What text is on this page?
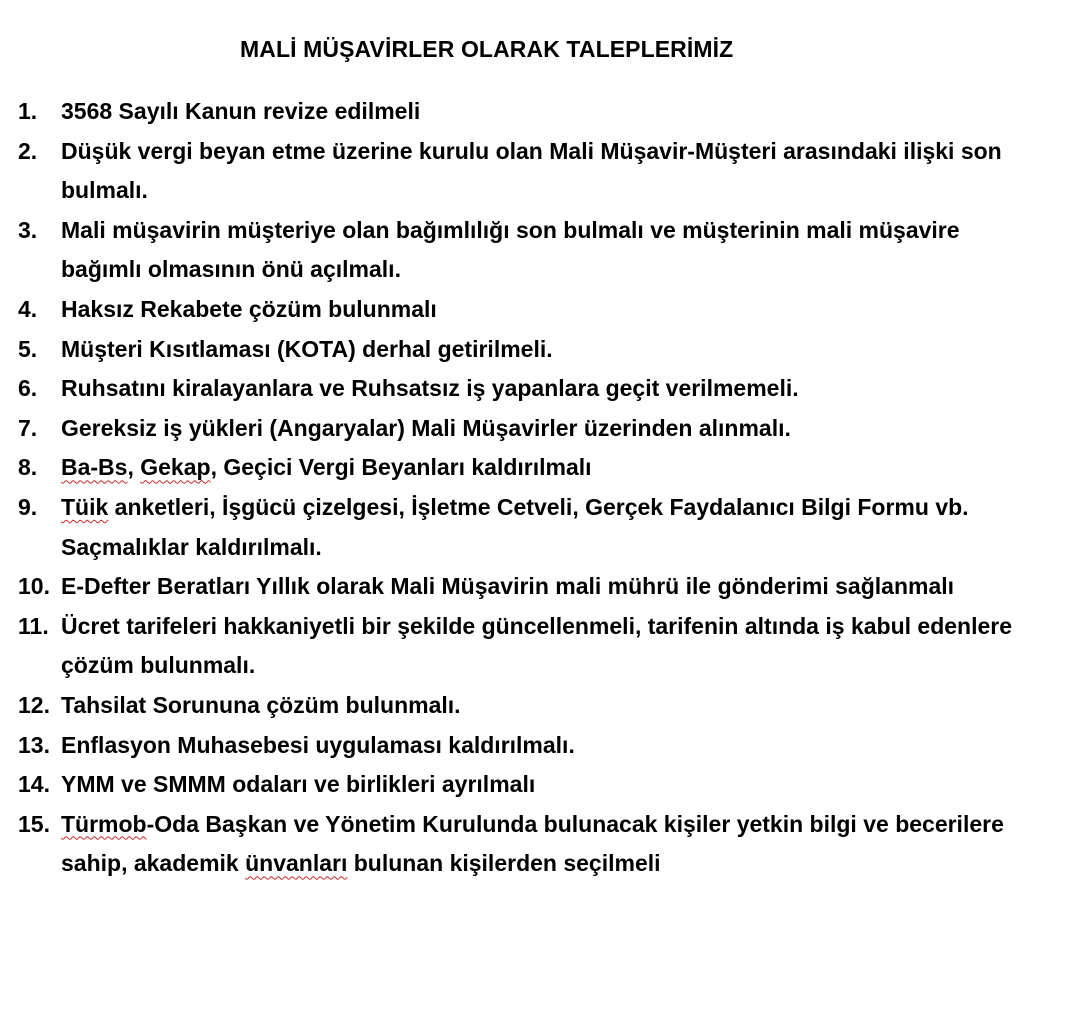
MALİ MÜŞAVİRLER OLARAK TALEPLERİMİZ
1.	3568 Sayılı Kanun revize edilmeli
2.	Düşük vergi beyan etme üzerine kurulu olan Mali Müşavir-Müşteri arasındaki ilişki son bulmalı.
3.	Mali müşavirin müşteriye olan bağımlılığı son bulmalı ve müşterinin mali müşavire bağımlı olmasının önü açılmalı.
4.	Haksız Rekabete çözüm bulunmalı
5.	Müşteri Kısıtlaması (KOTA) derhal getirilmeli.
6.	Ruhsatını kiralayanlara ve Ruhsatsız iş yapanlara geçit verilmemeli.
7.	Gereksiz iş yükleri (Angaryalar) Mali Müşavirler üzerinden alınmalı.
8.	Ba-Bs, Gekap, Geçici Vergi Beyanları kaldırılmalı
9.	Tüik anketleri, İşgücü çizelgesi, İşletme Cetveli, Gerçek Faydalanıcı Bilgi Formu vb. Saçmalıklar kaldırılmalı.
10. E-Defter Beratları Yıllık olarak Mali Müşavirin mali mührü ile gönderimi sağlanmalı
11. Ücret tarifeleri hakkaniyetli bir şekilde güncellenmeli, tarifenin altında iş kabul edenlere çözüm bulunmalı.
12. Tahsilat Sorununa çözüm bulunmalı.
13. Enflasyon Muhasebesi uygulaması kaldırılmalı.
14. YMM ve SMMM odaları ve birlikleri ayrılmalı
15. Türmob-Oda Başkan ve Yönetim Kurulunda bulunacak kişiler yetkin bilgi ve becerilere sahip, akademik ünvanları bulunan kişilerden seçilmeli
